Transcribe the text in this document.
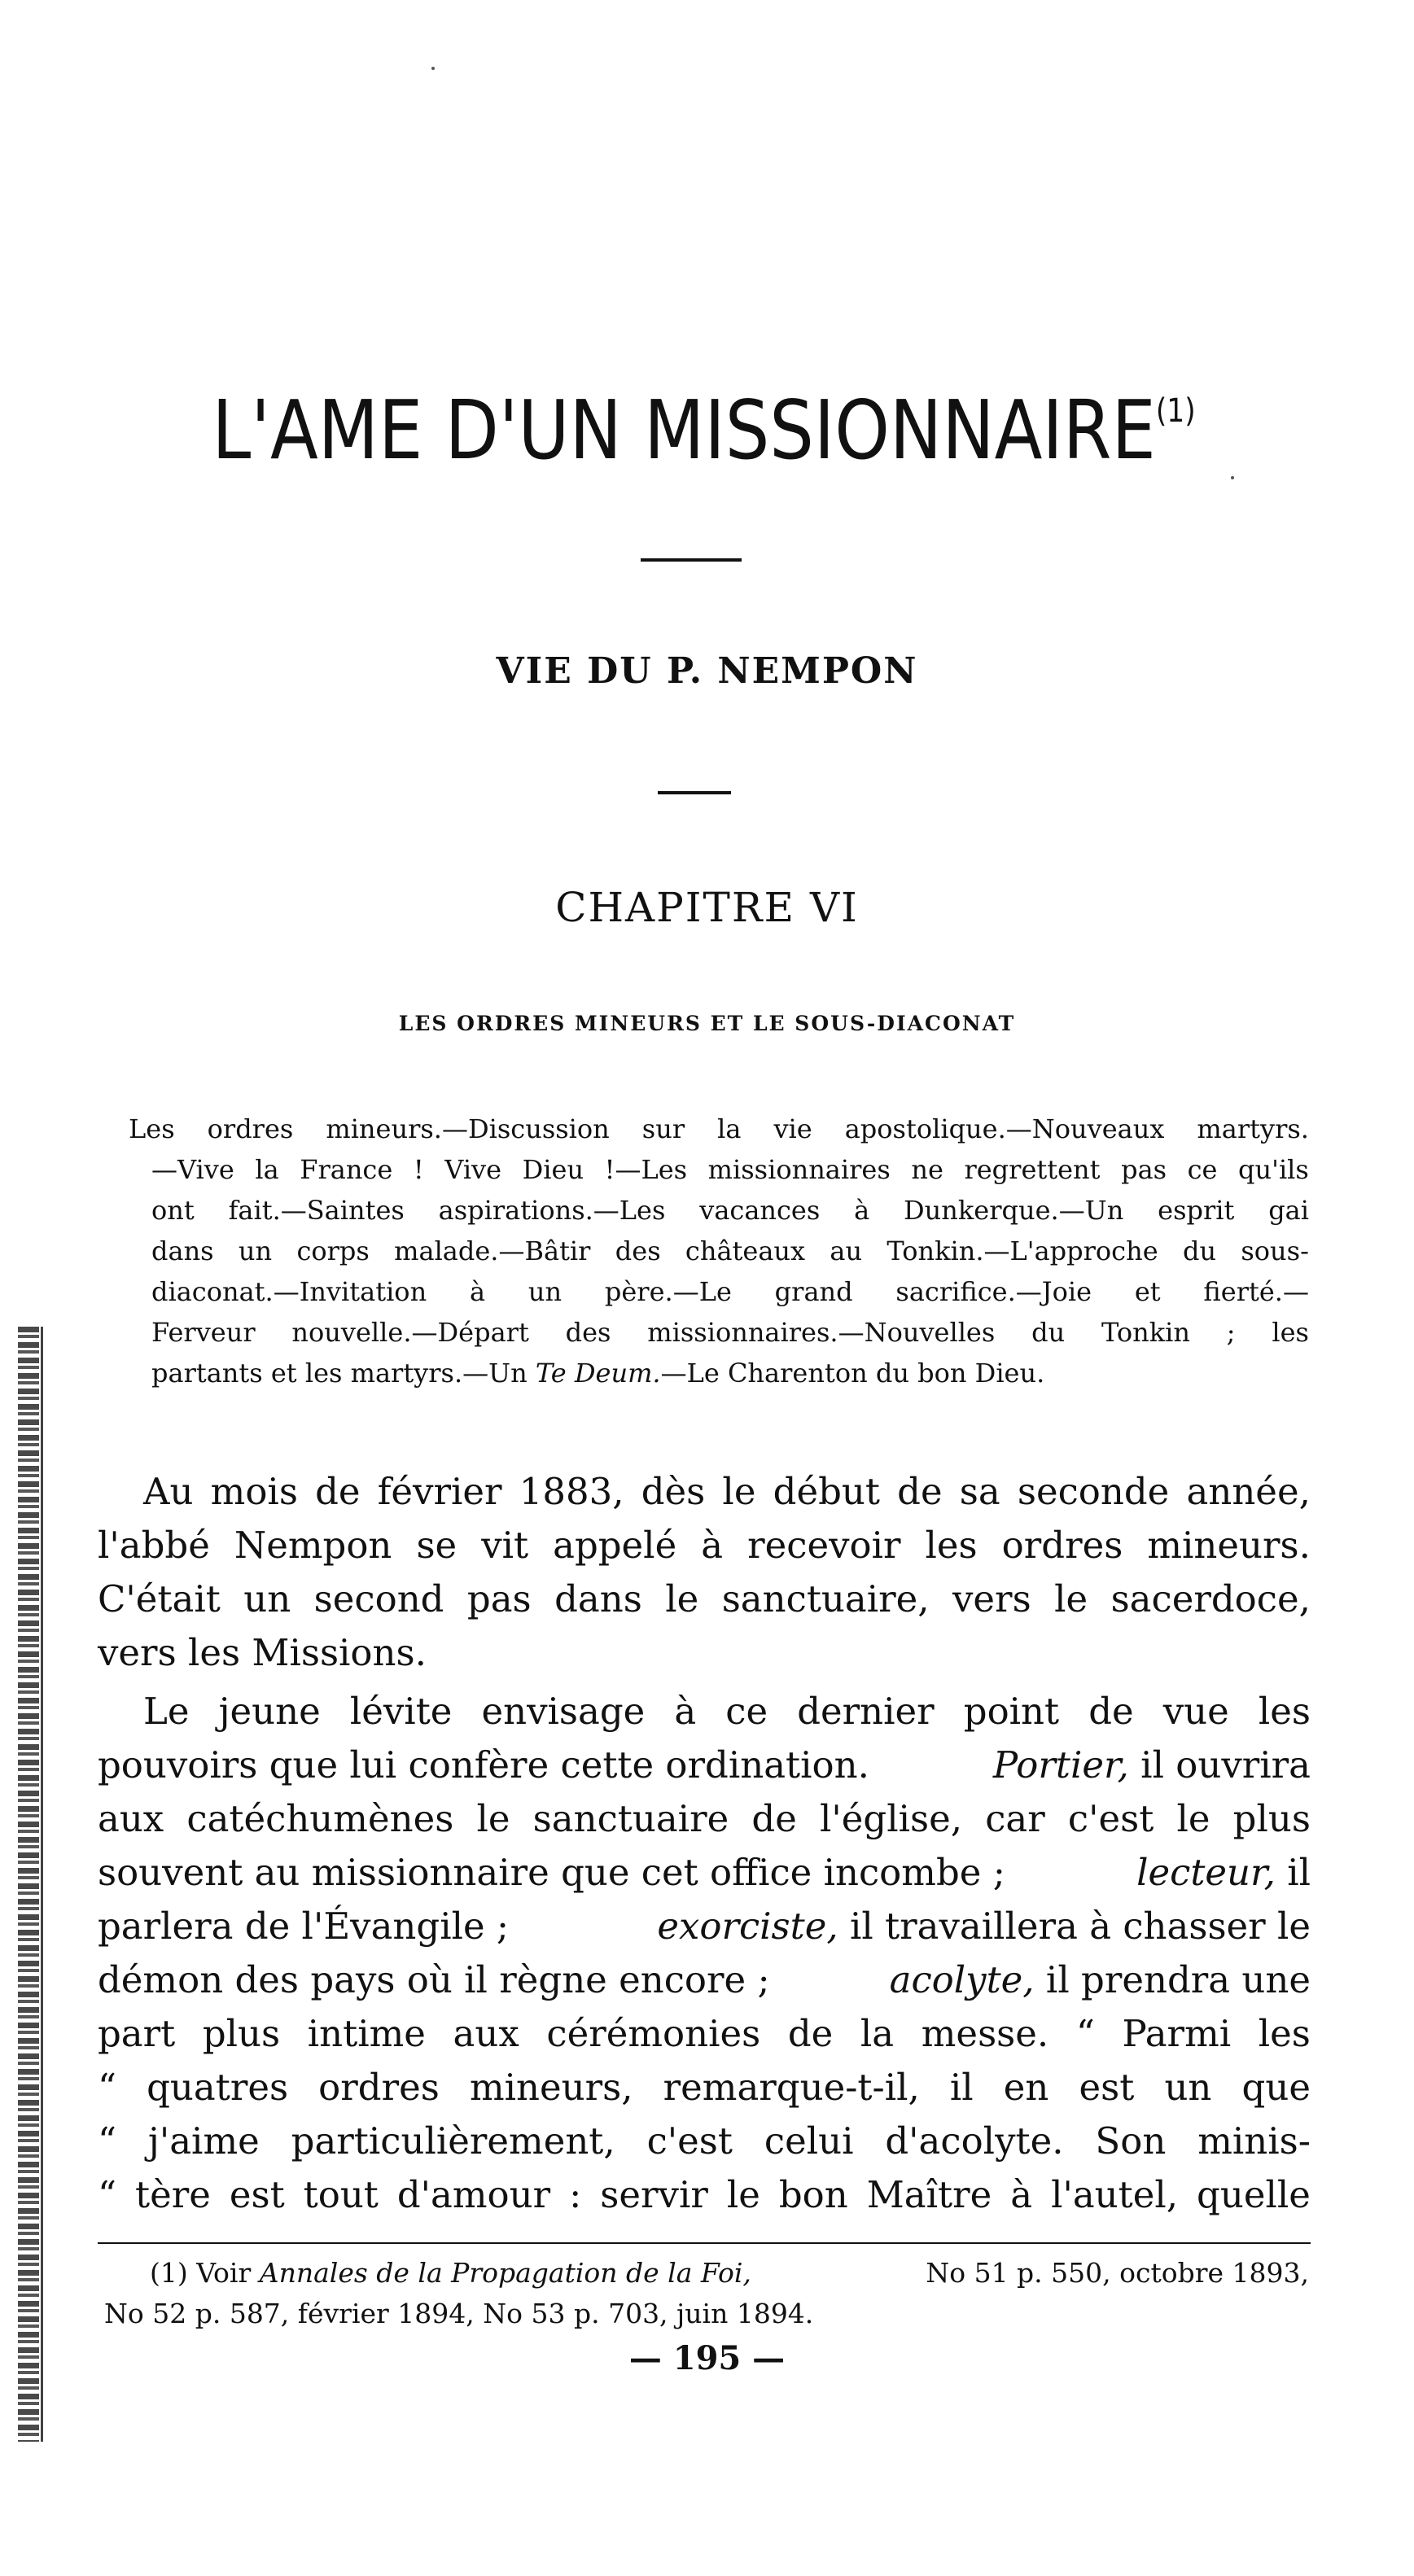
L'AME D'UN MISSIONNAIRE$^{(1)}$
VIE DU P. NEMPON
CHAPITRE VI
LES ORDRES MINEURS ET LE SOUS-DIACONAT
Les ordres mineurs.—Discussion sur la vie apostolique.—Nouveaux martyrs.
—Vive la France ! Vive Dieu !—Les missionnaires ne regrettent pas ce qu'ils
ont fait.—Saintes aspirations.—Les vacances à Dunkerque.—Un esprit gai
dans un corps malade.—Bâtir des châteaux au Tonkin.—L'approche du sous-
diaconat.—Invitation à un père.—Le grand sacrifice.—Joie et fierté.—
Ferveur nouvelle.—Départ des missionnaires.—Nouvelles du Tonkin ; les
partants et les martyrs.—Un Te Deum.—Le Charenton du bon Dieu.
Au mois de février 1883, dès le début de sa seconde année,
l'abbé Nempon se vit appelé à recevoir les ordres mineurs.
C'était un second pas dans le sanctuaire, vers le sacerdoce,
vers les Missions.
Le jeune lévite envisage à ce dernier point de vue les
pouvoirs que lui confère cette ordination.	Portier, il ouvrira
aux catéchumènes le sanctuaire de l'église, car c'est le plus
souvent au missionnaire que cet office incombe ;	lecteur, il
parlera de l'Évangile ;	exorciste, il travaillera à chasser le
démon des pays où il règne encore ;	acolyte, il prendra une
part plus intime aux cérémonies de la messe. “ Parmi les
“ quatres ordres mineurs, remarque-t-il, il en est un que
“ j'aime particulièrement, c'est celui d'acolyte. Son minis-
“ tère est tout d'amour : servir le bon Maître à l'autel, quelle
(1) Voir Annales de la Propagation de la Foi,	No 51 p. 550, octobre 1893,
No 52 p. 587, février 1894, No 53 p. 703, juin 1894.
— 195 —
